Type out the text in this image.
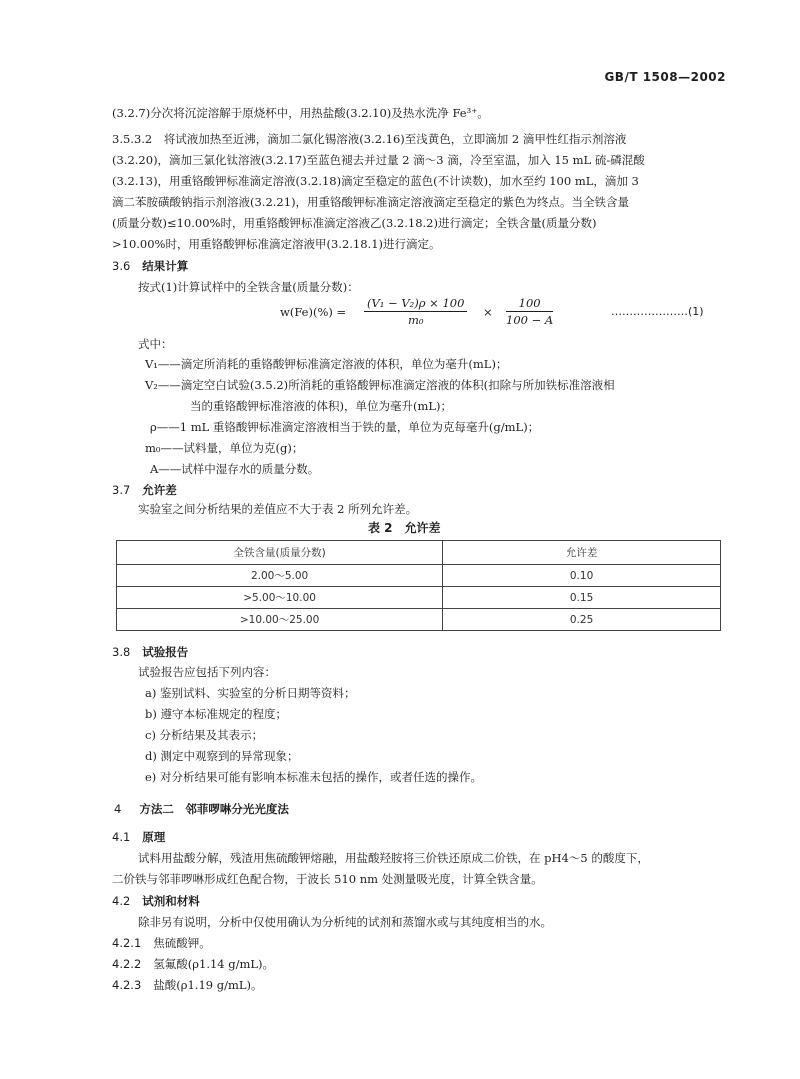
GB/T 1508—2002
(3.2.7)分次将沉淀溶解于原烧杯中，用热盐酸(3.2.10)及热水洗净 Fe³⁺。
3.5.3.2　将试液加热至近沸，滴加二氯化锡溶液(3.2.16)至浅黄色，立即滴加 2 滴甲性红指示剂溶液
(3.2.20)，滴加三氯化钛溶液(3.2.17)至蓝色褪去并过量 2 滴～3 滴，冷至室温，加入 15 mL 硫-磷混酸
(3.2.13)，用重铬酸钾标准滴定溶液(3.2.18)滴定至稳定的蓝色(不计读数)，加水至约 100 mL，滴加 3
滴二苯胺磺酸钠指示剂溶液(3.2.21)，用重铬酸钾标准滴定溶液滴定至稳定的紫色为终点。当全铁含量
(质量分数)≤10.00%时，用重铬酸钾标准滴定溶液乙(3.2.18.2)进行滴定；全铁含量(质量分数)
>10.00%时，用重铬酸钾标准滴定溶液甲(3.2.18.1)进行滴定。
3.6 结果计算
按式(1)计算试样中的全铁含量(质量分数)：
$w(Fe)(\%) = \frac{\text{(V₁ − V₂)ρ × 100}}{\text{m₀}} \times \frac{100}{100 - A}$	…………………(1)
式中：
V₁——滴定所消耗的重铬酸钾标准滴定溶液的体积，单位为毫升(mL)；
V₂——滴定空白试验(3.5.2)所消耗的重铬酸钾标准滴定溶液的体积(扣除与所加铁标准溶液相
当的重铬酸钾标准溶液的体积)，单位为毫升(mL)；
ρ——1 mL 重铬酸钾标准滴定溶液相当于铁的量，单位为克每毫升(g/mL)；
m₀——试料量，单位为克(g)；
A——试样中湿存水的质量分数。
3.7 允许差
实验室之间分析结果的差值应不大于表 2 所列允许差。
表 2　允许差
全铁含量(质量分数)	允许差
2.00～5.00	0.10
>5.00～10.00	0.15
>10.00～25.00	0.25
3.8 试验报告
试验报告应包括下列内容：
a) 鉴别试料、实验室的分析日期等资料；
b) 遵守本标准规定的程度；
c) 分析结果及其表示；
d) 测定中观察到的异常现象；
e) 对分析结果可能有影响本标准未包括的操作，或者任选的操作。
4 方法二　邻菲啰啉分光光度法
4.1 原理
试料用盐酸分解，残渣用焦硫酸钾熔融，用盐酸羟胺将三价铁还原成二价铁，在 pH4～5 的酸度下，
二价铁与邻菲啰啉形成红色配合物，于波长 510 nm 处测量吸光度，计算全铁含量。
4.2 试剂和材料
除非另有说明，分析中仅使用确认为分析纯的试剂和蒸馏水或与其纯度相当的水。
4.2.1 焦硫酸钾。
4.2.2 氢氟酸(ρ1.14 g/mL)。
4.2.3 盐酸(ρ1.19 g/mL)。
